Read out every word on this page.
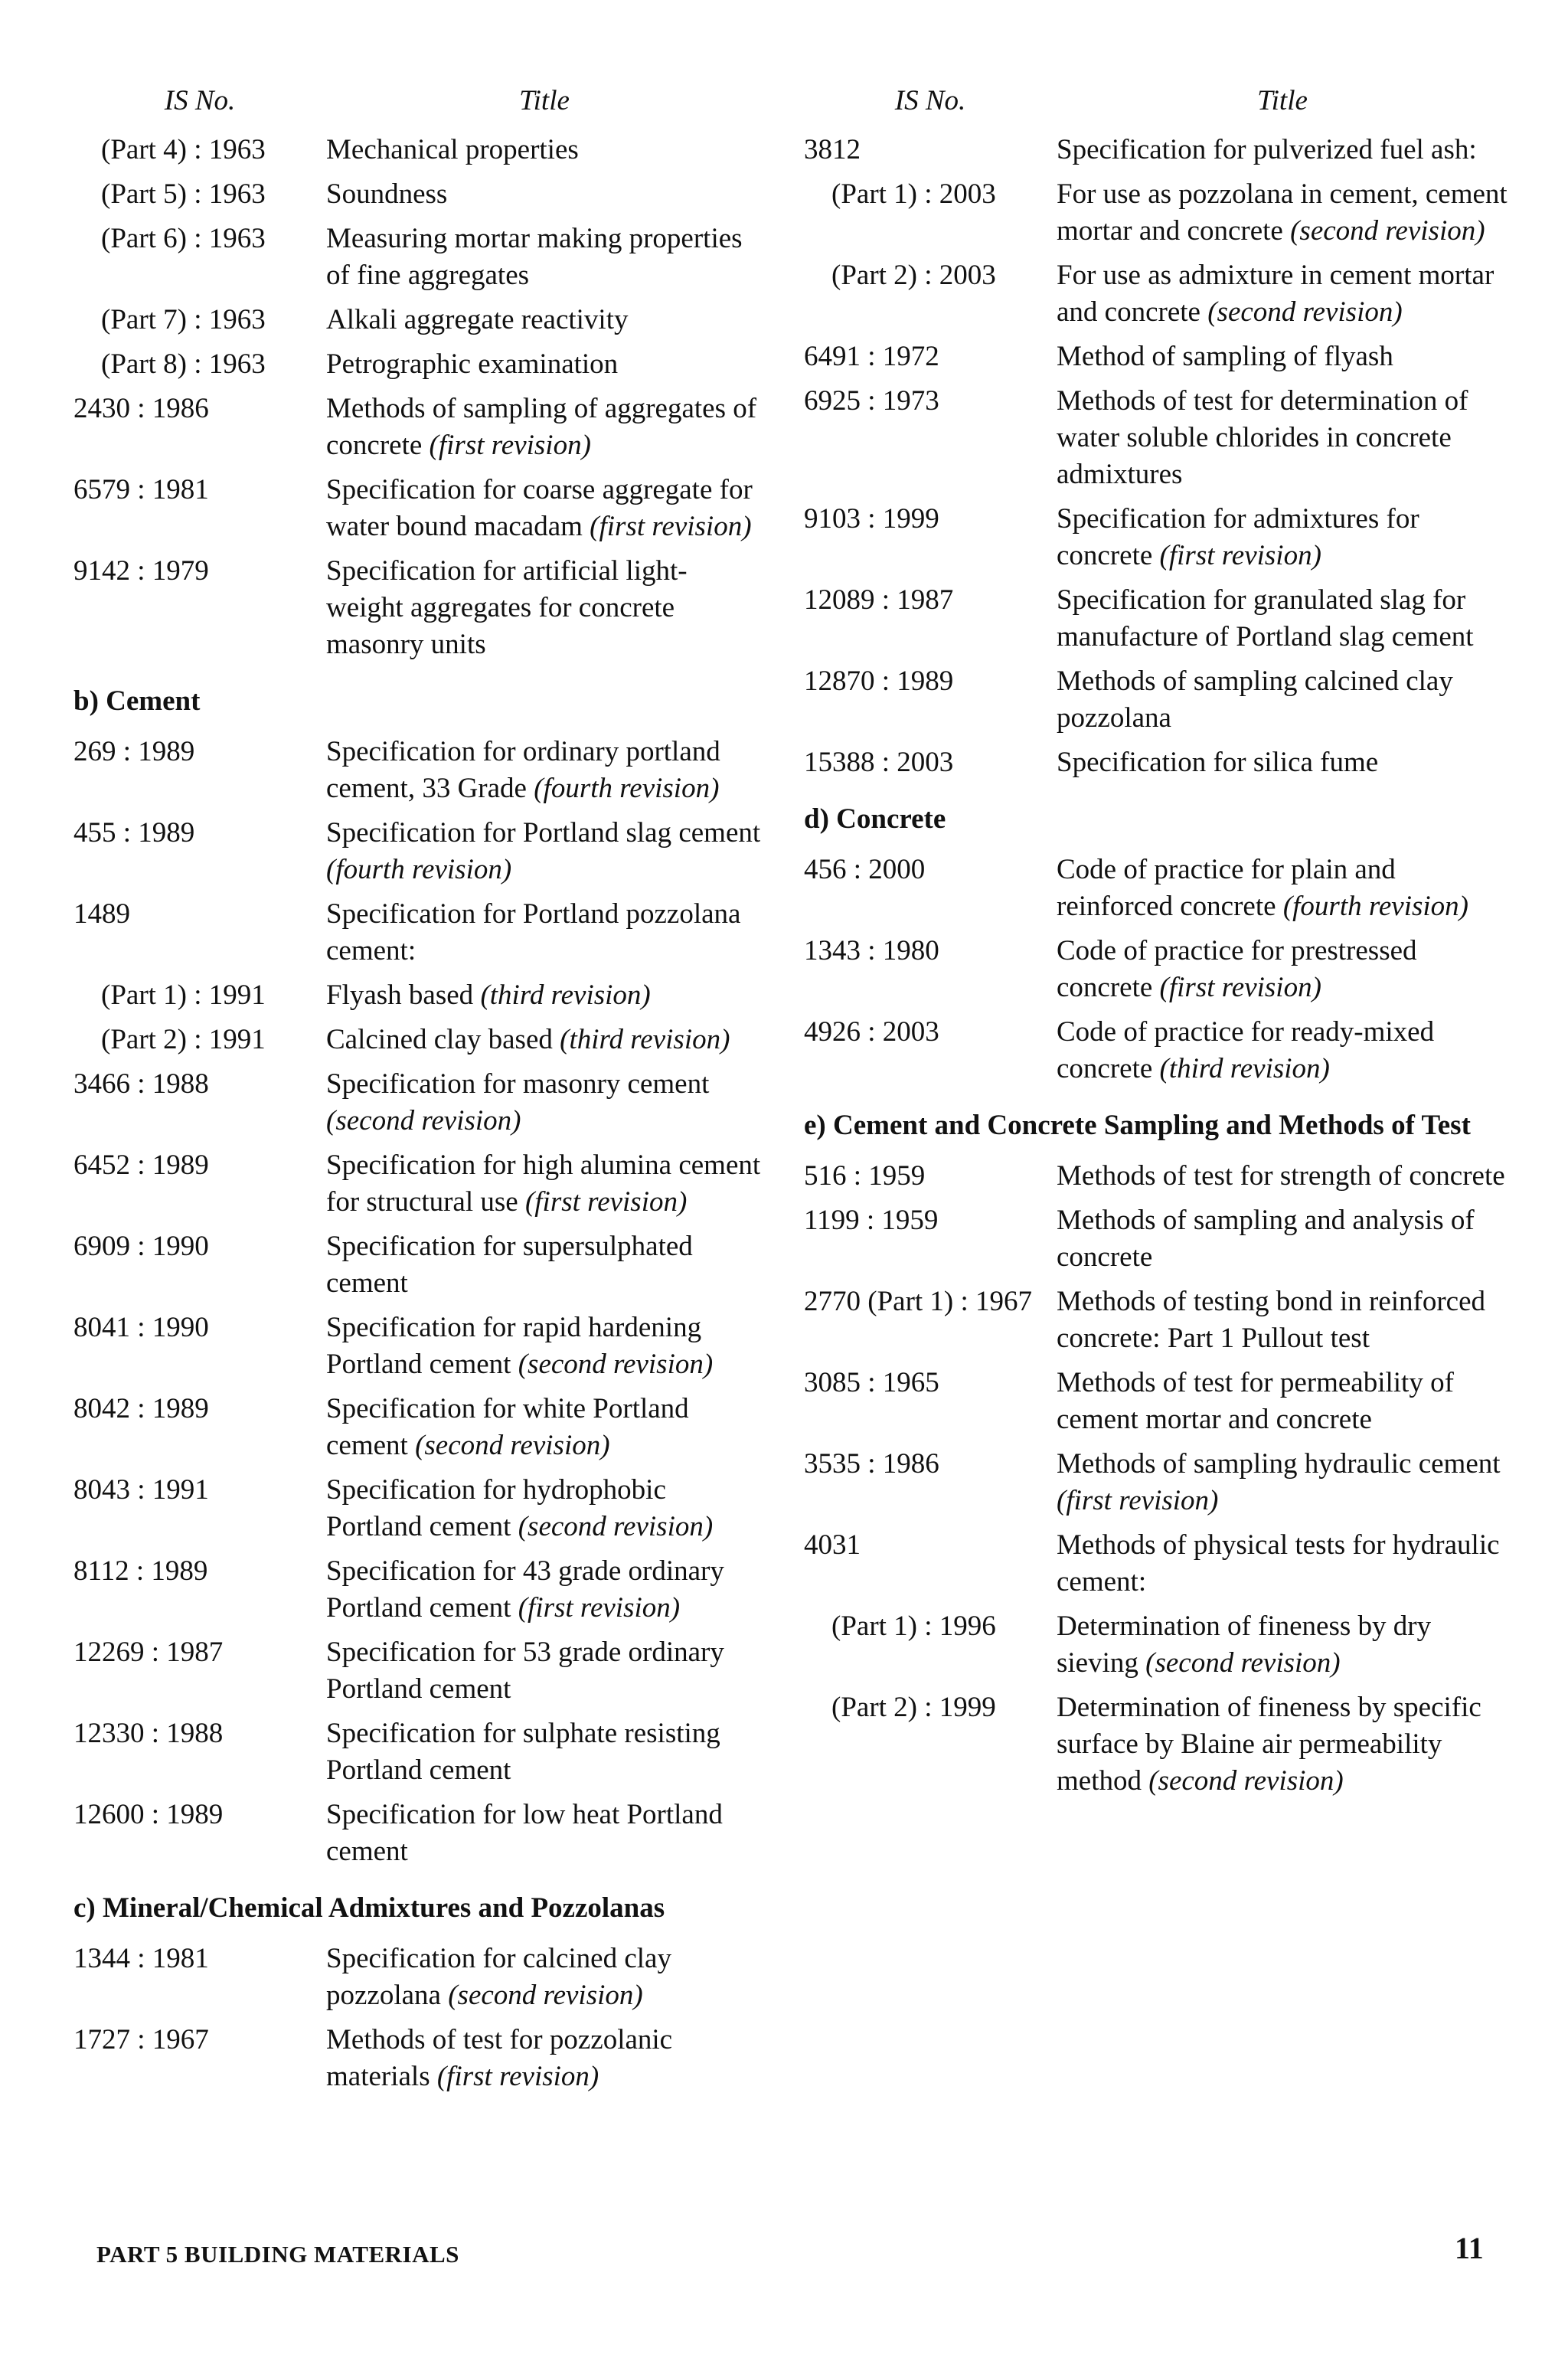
IS No.	Title
(Part 4) : 1963	Mechanical properties
(Part 5) : 1963	Soundness
(Part 6) : 1963	Measuring mortar making properties of fine aggregates
(Part 7) : 1963	Alkali aggregate reactivity
(Part 8) : 1963	Petrographic examination
2430 : 1986	Methods of sampling of aggregates of concrete (first revision)
6579 : 1981	Specification for coarse aggregate for water bound macadam (first revision)
9142 : 1979	Specification for artificial light-weight aggregates for concrete masonry units
b) Cement
269 : 1989	Specification for ordinary portland cement, 33 Grade (fourth revision)
455 : 1989	Specification for Portland slag cement (fourth revision)
1489	Specification for Portland pozzolana cement:
(Part 1) : 1991	Flyash based (third revision)
(Part 2) : 1991	Calcined clay based (third revision)
3466 : 1988	Specification for masonry cement (second revision)
6452 : 1989	Specification for high alumina cement for structural use (first revision)
6909 : 1990	Specification for supersulphated cement
8041 : 1990	Specification for rapid hardening Portland cement (second revision)
8042 : 1989	Specification for white Portland cement (second revision)
8043 : 1991	Specification for hydrophobic Portland cement (second revision)
8112 : 1989	Specification for 43 grade ordinary Portland cement (first revision)
12269 : 1987	Specification for 53 grade ordinary Portland cement
12330 : 1988	Specification for sulphate resisting Portland cement
12600 : 1989	Specification for low heat Portland cement
c) Mineral/Chemical Admixtures and Pozzolanas
1344 : 1981	Specification for calcined clay pozzolana (second revision)
1727 : 1967	Methods of test for pozzolanic materials (first revision)
IS No.	Title
3812	Specification for pulverized fuel ash:
(Part 1) : 2003	For use as pozzolana in cement, cement mortar and concrete (second revision)
(Part 2) : 2003	For use as admixture in cement mortar and concrete (second revision)
6491 : 1972	Method of sampling of flyash
6925 : 1973	Methods of test for determination of water soluble chlorides in concrete admixtures
9103 : 1999	Specification for admixtures for concrete (first revision)
12089 : 1987	Specification for granulated slag for manufacture of Portland slag cement
12870 : 1989	Methods of sampling calcined clay pozzolana
15388 : 2003	Specification for silica fume
d) Concrete
456 : 2000	Code of practice for plain and reinforced concrete (fourth revision)
1343 : 1980	Code of practice for prestressed concrete (first revision)
4926 : 2003	Code of practice for ready-mixed concrete (third revision)
e) Cement and Concrete Sampling and Methods of Test
516 : 1959	Methods of test for strength of concrete
1199 : 1959	Methods of sampling and analysis of concrete
2770 (Part 1) : 1967 Methods of testing bond in reinforced concrete: Part 1 Pullout test
3085 : 1965	Methods of test for permeability of cement mortar and concrete
3535 : 1986	Methods of sampling hydraulic cement (first revision)
4031	Methods of physical tests for hydraulic cement:
(Part 1) : 1996	Determination of fineness by dry sieving (second revision)
(Part 2) : 1999	Determination of fineness by specific surface by Blaine air permeability method (second revision)
PART 5 BUILDING MATERIALS	11
